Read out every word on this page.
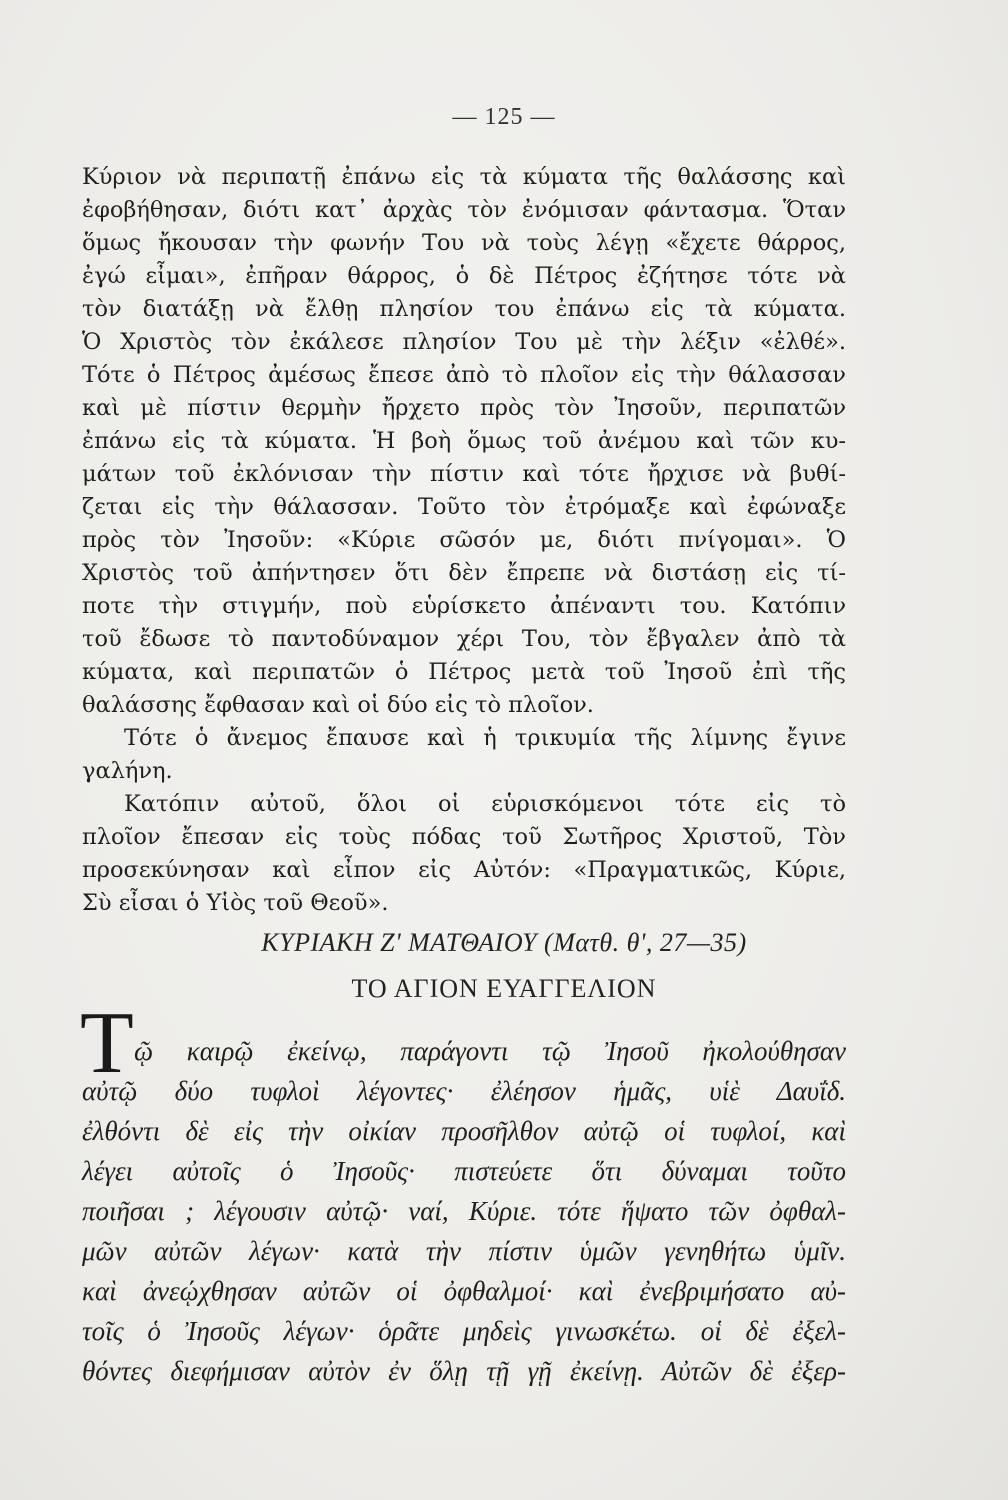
— 125 —
Κύριον νὰ περιπατῇ ἐπάνω εἰς τὰ κύματα τῆς θαλάσσης καὶ
ἐφοβήθησαν, διότι κατ᾽ ἀρχὰς τὸν ἐνόμισαν φάντασμα. Ὅταν
ὅμως ἤκουσαν τὴν φωνήν Του νὰ τοὺς λέγῃ «ἔχετε θάρρος,
ἐγώ εἶμαι», ἐπῆραν θάρρος, ὁ δὲ Πέτρος ἐζήτησε τότε νὰ
τὸν διατάξῃ νὰ ἔλθῃ πλησίον του ἐπάνω εἰς τὰ κύματα.
Ὁ Χριστὸς τὸν ἐκάλεσε πλησίον Του μὲ τὴν λέξιν «ἐλθέ».
Τότε ὁ Πέτρος ἀμέσως ἔπεσε ἀπὸ τὸ πλοῖον εἰς τὴν θάλασσαν
καὶ μὲ πίστιν θερμὴν ἤρχετο πρὸς τὸν Ἰησοῦν, περιπατῶν
ἐπάνω εἰς τὰ κύματα. Ἡ βοὴ ὅμως τοῦ ἀνέμου καὶ τῶν κυ-
μάτων τοῦ ἐκλόνισαν τὴν πίστιν καὶ τότε ἤρχισε νὰ βυθί-
ζεται εἰς τὴν θάλασσαν. Τοῦτο τὸν ἐτρόμαξε καὶ ἐφώναξε
πρὸς τὸν Ἰησοῦν: «Κύριε σῶσόν με, διότι πνίγομαι». Ὁ
Χριστὸς τοῦ ἀπήντησεν ὅτι δὲν ἔπρεπε νὰ διστάσῃ εἰς τί-
ποτε τὴν στιγμήν, ποὺ εὑρίσκετο ἀπέναντι του. Κατόπιν
τοῦ ἔδωσε τὸ παντοδύναμον χέρι Του, τὸν ἔβγαλεν ἀπὸ τὰ
κύματα, καὶ περιπατῶν ὁ Πέτρος μετὰ τοῦ Ἰησοῦ ἐπὶ τῆς
θαλάσσης ἔφθασαν καὶ οἱ δύο εἰς τὸ πλοῖον.
Τότε ὁ ἄνεμος ἔπαυσε καὶ ἡ τρικυμία τῆς λίμνης ἔγινε
γαλήνη.
Κατόπιν αὐτοῦ, ὅλοι οἱ εὑρισκόμενοι τότε εἰς τὸ
πλοῖον ἔπεσαν εἰς τοὺς πόδας τοῦ Σωτῆρος Χριστοῦ, Τὸν
προσεκύνησαν καὶ εἶπον εἰς Αὐτόν: «Πραγματικῶς, Κύριε,
Σὺ εἶσαι ὁ Υἱὸς τοῦ Θεοῦ».
ΚΥΡΙΑΚΗ Ζ' ΜΑΤΘΑΙΟΥ (Ματθ. θ', 27—35)
ΤΟ ΑΓΙΟΝ ΕΥΑΓΓΕΛΙΟΝ
Τ ῷ καιρῷ ἐκείνῳ, παράγοντι τῷ Ἰησοῦ ἠκολούθησαν
αὐτῷ δύο τυφλοὶ λέγοντες· ἐλέησον ἡμᾶς, υἱὲ Δαυΐδ.
ἐλθόντι δὲ εἰς τὴν οἰκίαν προσῆλθον αὐτῷ οἱ τυφλοί, καὶ
λέγει αὐτοῖς ὁ Ἰησοῦς· πιστεύετε ὅτι δύναμαι τοῦτο
ποιῆσαι ; λέγουσιν αὐτῷ· ναί, Κύριε. τότε ἥψατο τῶν ὀφθαλ-
μῶν αὐτῶν λέγων· κατὰ τὴν πίστιν ὑμῶν γενηθήτω ὑμῖν.
καὶ ἀνεῴχθησαν αὐτῶν οἱ ὀφθαλμοί· καὶ ἐνεβριμήσατο αὐ-
τοῖς ὁ Ἰησοῦς λέγων· ὁρᾶτε μηδεὶς γινωσκέτω. οἱ δὲ ἐξελ-
θόντες διεφήμισαν αὐτὸν ἐν ὅλῃ τῇ γῇ ἐκείνῃ. Αὐτῶν δὲ ἐξερ-
